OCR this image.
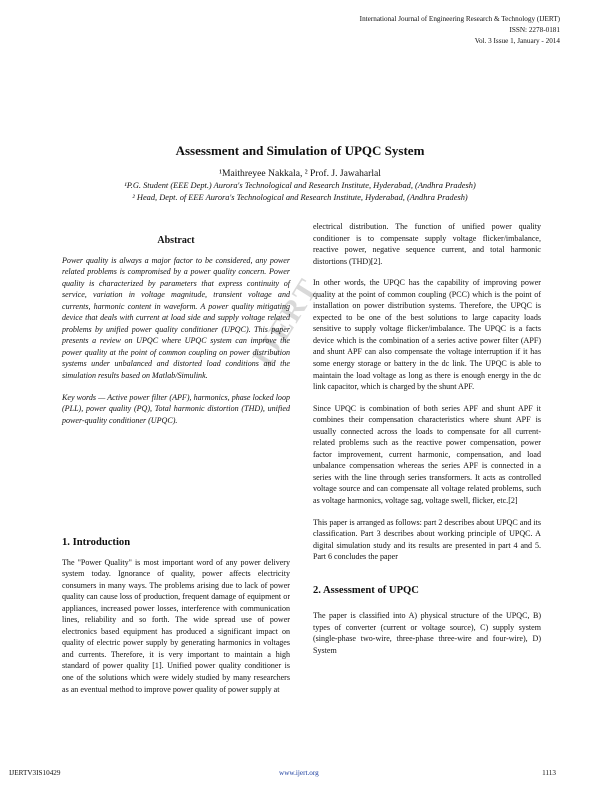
International Journal of Engineering Research & Technology (IJERT)
ISSN: 2278-0181
Vol. 3 Issue 1, January - 2014
Assessment and Simulation of UPQC System
¹Maithreyee Nakkala, ² Prof. J. Jawaharlal
¹P.G. Student (EEE Dept.) Aurora's Technological and Research Institute, Hyderabad, (Andhra Pradesh)
² Head, Dept. of EEE Aurora's Technological and Research Institute, Hyderabad, (Andhra Pradesh)
IJERT

Abstract

Power quality is always a major factor to be considered, any power related problems is compromised by a power quality concern. Power quality is characterized by parameters that express continuity of service, variation in voltage magnitude, transient voltage and currents, harmonic content in waveform. A power quality mitigating device that deals with current at load side and supply voltage related problems by unified power quality conditioner (UPQC). This paper presents a review on UPQC where UPQC system can improve the power quality at the point of common coupling on power distribution systems under unbalanced and distorted load conditions and the simulation results based on Matlab/Simulink.

Key words — Active power filter (APF), harmonics, phase locked loop (PLL), power quality (PQ), Total harmonic distortion (THD), unified power-quality conditioner (UPQC).

1. Introduction

The "Power Quality" is most important word of any power delivery system today. Ignorance of quality, power affects electricity consumers in many ways. The problems arising due to lack of power quality can cause loss of production, frequent damage of equipment or appliances, increased power losses, interference with communication lines, reliability and so forth. The wide spread use of power electronics based equipment has produced a significant impact on quality of electric power supply by generating harmonics in voltages and currents. Therefore, it is very important to maintain a high standard of power quality [1]. Unified power quality conditioner is one of the solutions which were widely studied by many researchers as an eventual method to improve power quality of power supply at

electrical distribution. The function of unified power quality conditioner is to compensate supply voltage flicker/imbalance, reactive power, negative sequence current, and total harmonic distortions (THD)[2].

In other words, the UPQC has the capability of improving power quality at the point of common coupling (PCC) which is the point of installation on power distribution systems. Therefore, the UPQC is expected to be one of the best solutions to large capacity loads sensitive to supply voltage flicker/imbalance. The UPQC is a facts device which is the combination of a series active power filter (APF) and shunt APF can also compensate the voltage interruption if it has some energy storage or battery in the dc link. The UPQC is able to maintain the load voltage as long as there is enough energy in the dc link capacitor, which is charged by the shunt APF.

Since UPQC is combination of both series APF and shunt APF it combines their compensation characteristics where shunt APF is usually connected across the loads to compensate for all current-related problems such as the reactive power compensation, power factor improvement, current harmonic, compensation, and load unbalance compensation whereas the series APF is connected in a series with the line through series transformers. It acts as controlled voltage source and can compensate all voltage related problems, such as voltage harmonics, voltage sag, voltage swell, flicker, etc.[2]

This paper is arranged as follows: part 2 describes about UPQC and its classification. Part 3 describes about working principle of UPQC. A digital simulation study and its results are presented in part 4 and 5. Part 6 concludes the paper

2. Assessment of UPQC

The paper is classified into A) physical structure of the UPQC, B) types of converter (current or voltage source), C) supply system (single-phase two-wire, three-phase three-wire and four-wire), D) System

IJERTV3IS10429	www.ijert.org	1113
